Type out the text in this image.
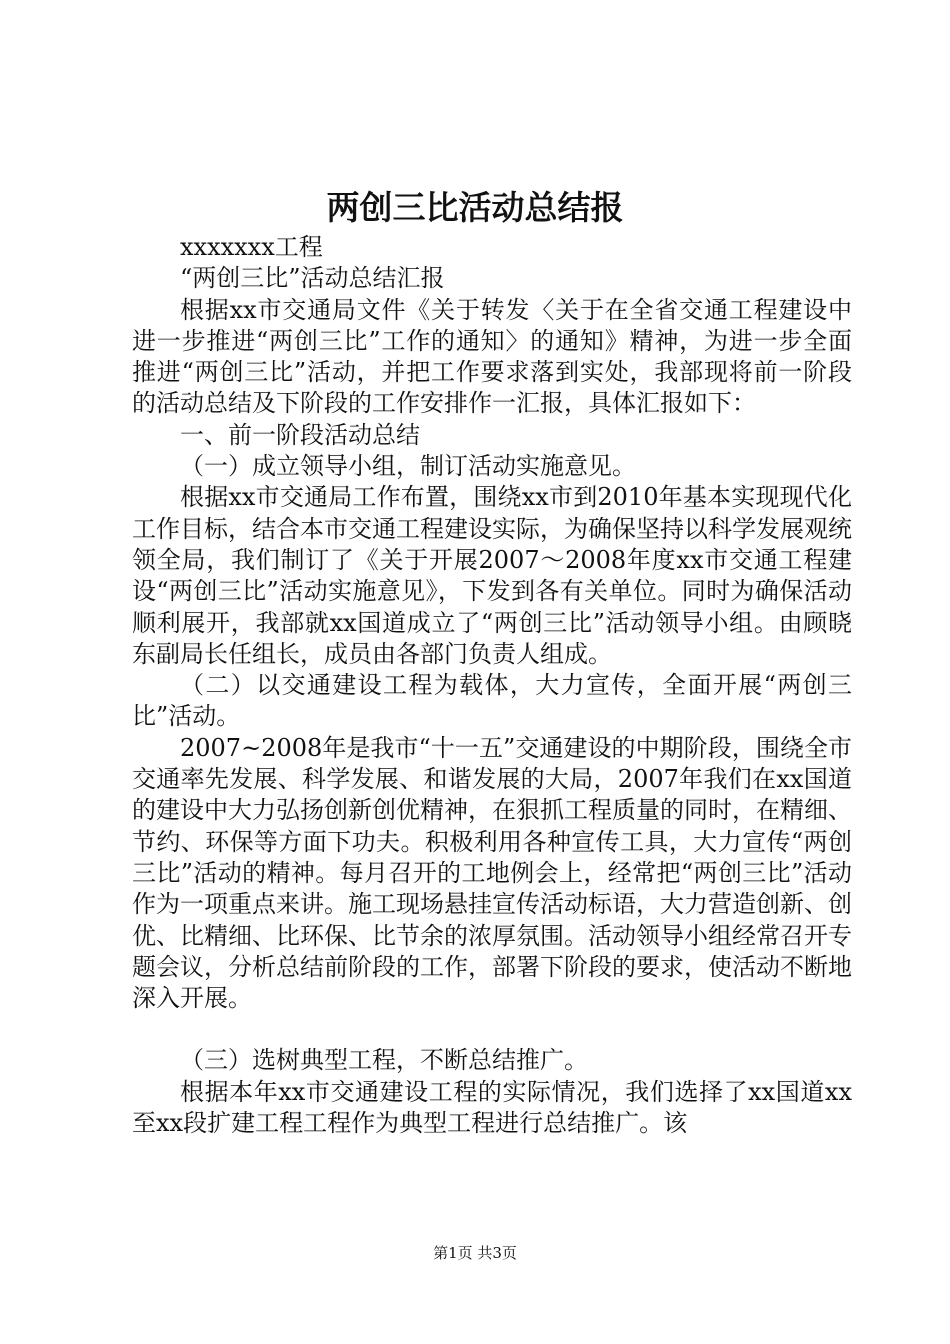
两创三比活动总结报

xxxxxxx工程

“两创三比”活动总结汇报

根据xx市交通局文件《关于转发〈关于在全省交通工程建设中进一步推进“两创三比”工作的通知〉的通知》精神，为进一步全面推进“两创三比”活动，并把工作要求落到实处，我部现将前一阶段的活动总结及下阶段的工作安排作一汇报，具体汇报如下：

一、前一阶段活动总结

（一）成立领导小组，制订活动实施意见。

根据xx市交通局工作布置，围绕xx市到2010年基本实现现代化工作目标，结合本市交通工程建设实际，为确保坚持以科学发展观统领全局，我们制订了《关于开展2007～2008年度xx市交通工程建设“两创三比”活动实施意见》，下发到各有关单位。同时为确保活动顺利展开，我部就xx国道成立了“两创三比”活动领导小组。由顾晓东副局长任组长，成员由各部门负责人组成。

（二）以交通建设工程为载体，大力宣传，全面开展“两创三比”活动。

2007~2008年是我市“十一五”交通建设的中期阶段，围绕全市交通率先发展、科学发展、和谐发展的大局，2007年我们在xx国道的建设中大力弘扬创新创优精神，在狠抓工程质量的同时，在精细、节约、环保等方面下功夫。积极利用各种宣传工具，大力宣传“两创三比”活动的精神。每月召开的工地例会上，经常把“两创三比”活动作为一项重点来讲。施工现场悬挂宣传活动标语，大力营造创新、创优、比精细、比环保、比节余的浓厚氛围。活动领导小组经常召开专题会议，分析总结前阶段的工作，部署下阶段的要求，使活动不断地深入开展。

（三）选树典型工程，不断总结推广。

根据本年xx市交通建设工程的实际情况，我们选择了xx国道xx至xx段扩建工程工程作为典型工程进行总结推广。该

第1页 共3页
